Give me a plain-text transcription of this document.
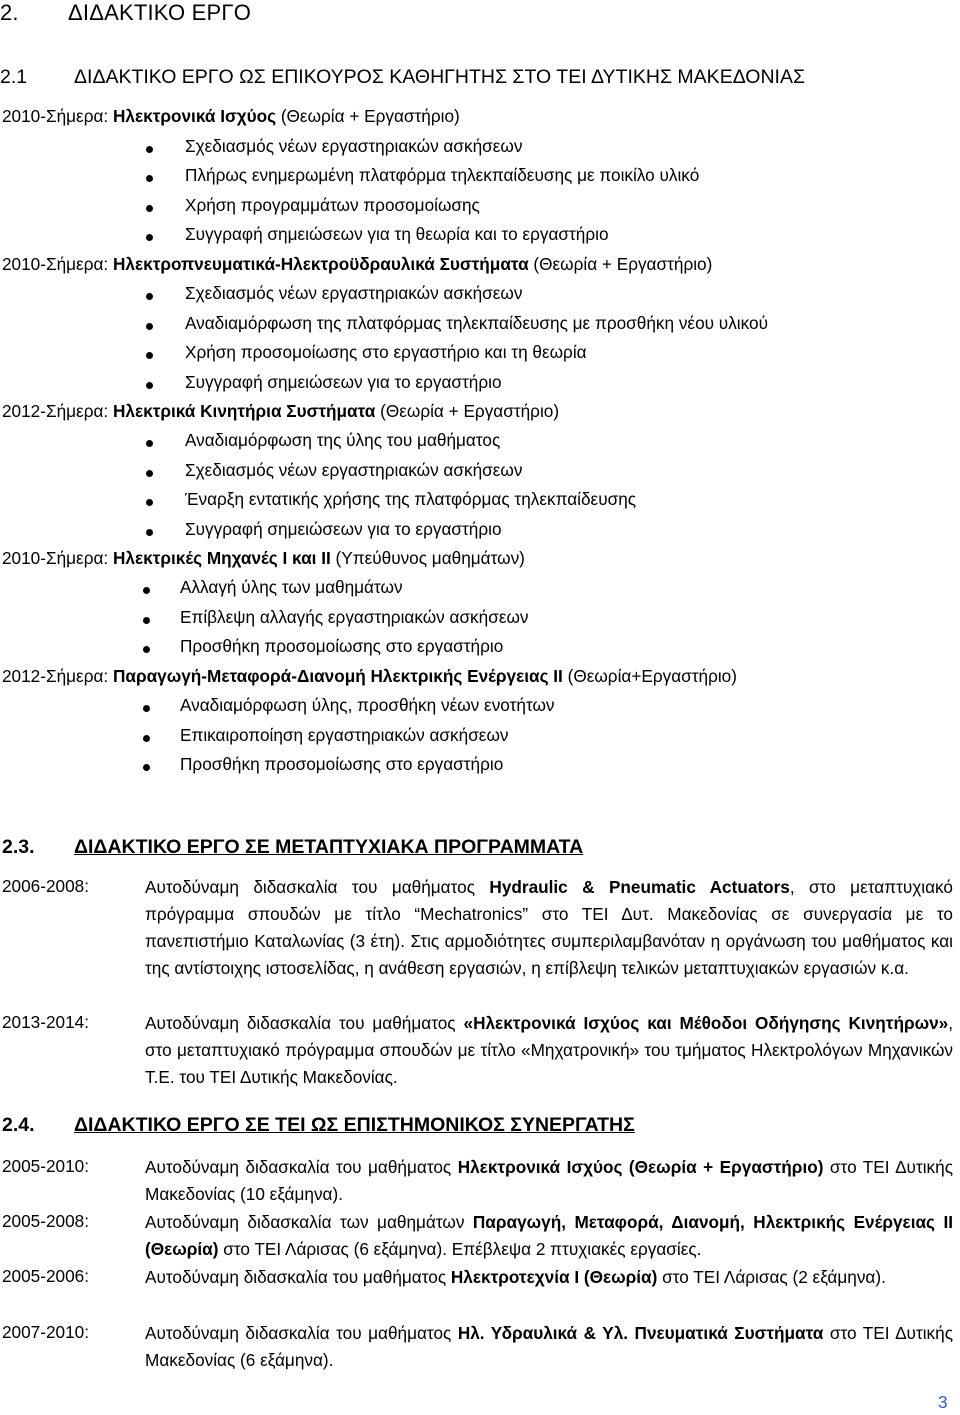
2. ΔΙΔΑΚΤΙΚΟ ΕΡΓΟ
2.1 ΔΙΔΑΚΤΙΚΟ ΕΡΓΟ ΩΣ ΕΠΙΚΟΥΡΟΣ ΚΑΘΗΓΗΤΗΣ ΣΤΟ ΤΕΙ ΔΥΤΙΚΗΣ ΜΑΚΕΔΟΝΙΑΣ
2010-Σήμερα: Ηλεκτρονικά Ισχύος (Θεωρία + Εργαστήριο)
Σχεδιασμός νέων εργαστηριακών ασκήσεων
Πλήρως ενημερωμένη πλατφόρμα τηλεκπαίδευσης με ποικίλο υλικό
Χρήση προγραμμάτων προσομοίωσης
Συγγραφή σημειώσεων για τη θεωρία και το εργαστήριο
2010-Σήμερα: Ηλεκτροπνευματικά-Ηλεκτροϋδραυλικά Συστήματα (Θεωρία + Εργαστήριο)
Σχεδιασμός νέων εργαστηριακών ασκήσεων
Αναδιαμόρφωση της πλατφόρμας τηλεκπαίδευσης με προσθήκη νέου υλικού
Χρήση προσομοίωσης στο εργαστήριο και τη θεωρία
Συγγραφή σημειώσεων για το εργαστήριο
2012-Σήμερα: Ηλεκτρικά Κινητήρια Συστήματα (Θεωρία + Εργαστήριο)
Αναδιαμόρφωση της ύλης του μαθήματος
Σχεδιασμός νέων εργαστηριακών ασκήσεων
Έναρξη εντατικής χρήσης της πλατφόρμας τηλεκπαίδευσης
Συγγραφή σημειώσεων για το εργαστήριο
2010-Σήμερα: Ηλεκτρικές Μηχανές Ι και ΙΙ (Υπεύθυνος μαθημάτων)
Αλλαγή ύλης των μαθημάτων
Επίβλεψη αλλαγής εργαστηριακών ασκήσεων
Προσθήκη προσομοίωσης στο εργαστήριο
2012-Σήμερα: Παραγωγή-Μεταφορά-Διανομή Ηλεκτρικής Ενέργειας ΙΙ (Θεωρία+Εργαστήριο)
Αναδιαμόρφωση ύλης, προσθήκη νέων ενοτήτων
Επικαιροποίηση εργαστηριακών ασκήσεων
Προσθήκη προσομοίωσης στο εργαστήριο
2.3. ΔΙΔΑΚΤΙΚΟ ΕΡΓΟ ΣΕ ΜΕΤΑΠΤΥΧΙΑΚΑ ΠΡΟΓΡΑΜΜΑΤΑ
2006-2008:	Αυτοδύναμη διδασκαλία του μαθήματος Hydraulic & Pneumatic Actuators, στο μεταπτυχιακό πρόγραμμα σπουδών με τίτλο “Mechatronics” στο ΤΕΙ Δυτ. Μακεδονίας σε συνεργασία με το πανεπιστήμιο Καταλωνίας (3 έτη). Στις αρμοδιότητες συμπεριλαμβανόταν η οργάνωση του μαθήματος και της αντίστοιχης ιστοσελίδας, η ανάθεση εργασιών, η επίβλεψη τελικών μεταπτυχιακών εργασιών κ.α.
2013-2014:	Αυτοδύναμη διδασκαλία του μαθήματος «Ηλεκτρονικά Ισχύος και Μέθοδοι Οδήγησης Κινητήρων», στο μεταπτυχιακό πρόγραμμα σπουδών με τίτλο «Μηχατρονική» του τμήματος Ηλεκτρολόγων Μηχανικών Τ.Ε. του ΤΕΙ Δυτικής Μακεδονίας.
2.4. ΔΙΔΑΚΤΙΚΟ ΕΡΓΟ ΣΕ ΤΕΙ ΩΣ ΕΠΙΣΤΗΜΟΝΙΚΟΣ ΣΥΝΕΡΓΑΤΗΣ
2005-2010:	Αυτοδύναμη διδασκαλία του μαθήματος Ηλεκτρονικά Ισχύος (Θεωρία + Εργαστήριο) στο ΤΕΙ Δυτικής Μακεδονίας (10 εξάμηνα).
2005-2008:	Αυτοδύναμη διδασκαλία των μαθημάτων Παραγωγή, Μεταφορά, Διανομή, Ηλεκτρικής Ενέργειας ΙΙ (Θεωρία) στο ΤΕΙ Λάρισας (6 εξάμηνα). Επέβλεψα 2 πτυχιακές εργασίες.
2005-2006:	Αυτοδύναμη διδασκαλία του μαθήματος Ηλεκτροτεχνία Ι (Θεωρία) στο ΤΕΙ Λάρισας (2 εξάμηνα).
2007-2010:	Αυτοδύναμη διδασκαλία του μαθήματος Ηλ. Υδραυλικά & Υλ. Πνευματικά Συστήματα στο ΤΕΙ Δυτικής Μακεδονίας (6 εξάμηνα).
3
